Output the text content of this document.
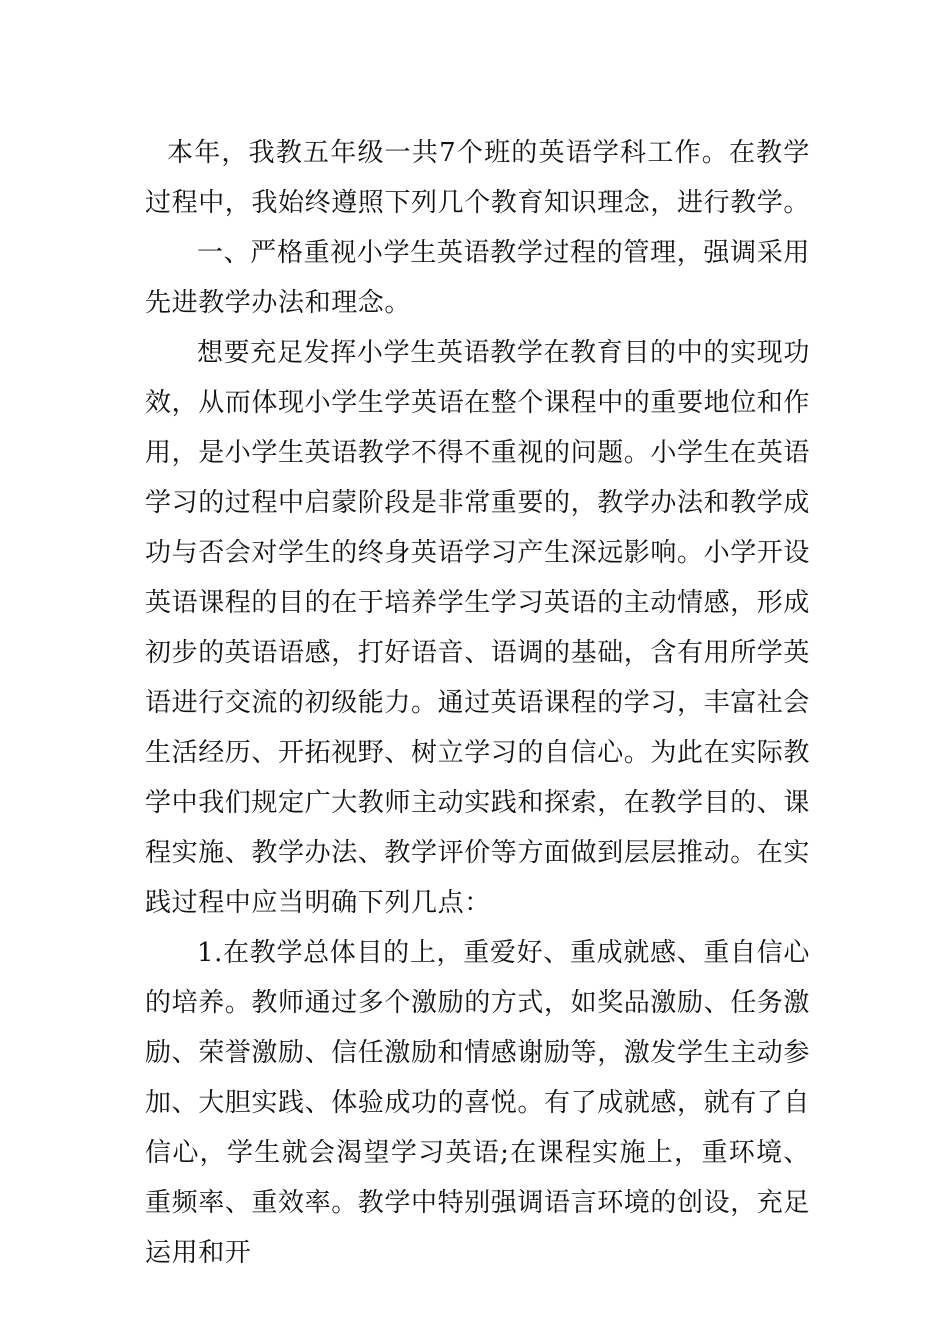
本年，我教五年级一共7个班的英语学科工作。在教学过程中，我始终遵照下列几个教育知识理念，进行教学。

一、严格重视小学生英语教学过程的管理，强调采用先进教学办法和理念。

想要充足发挥小学生英语教学在教育目的中的实现功效，从而体现小学生学英语在整个课程中的重要地位和作用，是小学生英语教学不得不重视的问题。小学生在英语学习的过程中启蒙阶段是非常重要的，教学办法和教学成功与否会对学生的终身英语学习产生深远影响。小学开设英语课程的目的在于培养学生学习英语的主动情感，形成初步的英语语感，打好语音、语调的基础，含有用所学英语进行交流的初级能力。通过英语课程的学习，丰富社会生活经历、开拓视野、树立学习的自信心。为此在实际教学中我们规定广大教师主动实践和探索，在教学目的、课程实施、教学办法、教学评价等方面做到层层推动。在实践过程中应当明确下列几点：

1.在教学总体目的上，重爱好、重成就感、重自信心的培养。教师通过多个激励的方式，如奖品激励、任务激励、荣誉激励、信任激励和情感谢励等，激发学生主动参加、大胆实践、体验成功的喜悦。有了成就感，就有了自信心，学生就会渴望学习英语;在课程实施上，重环境、重频率、重效率。教学中特别强调语言环境的创设，充足运用和开
